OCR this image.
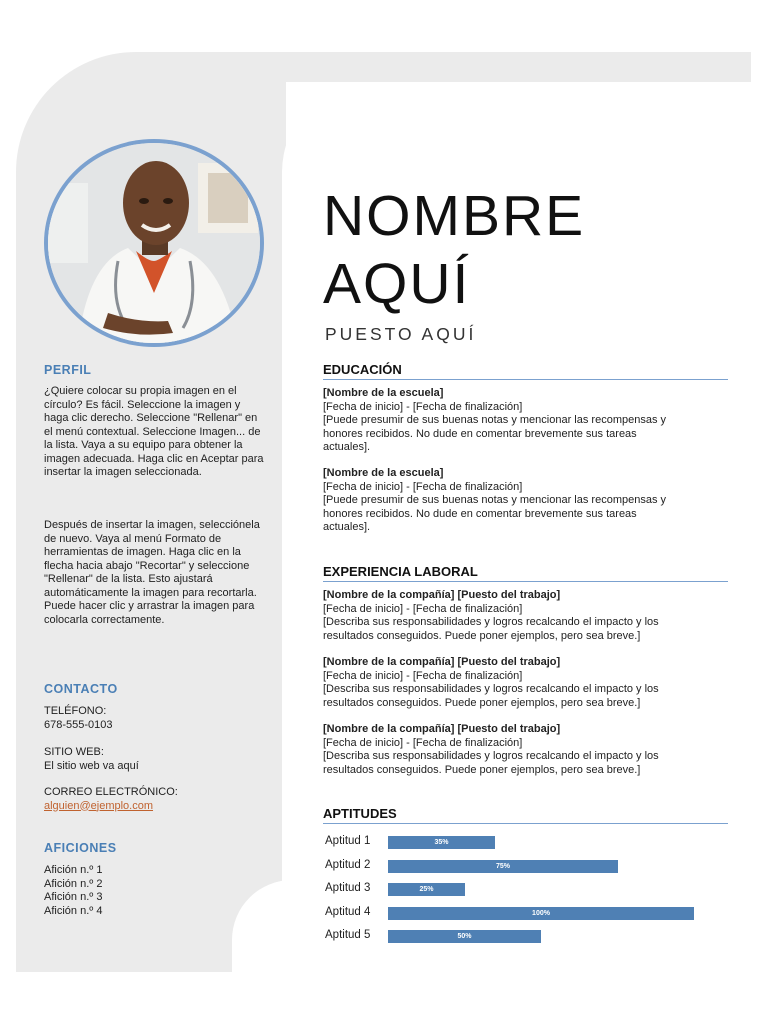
PERFIL

¿Quiere colocar su propia imagen en el círculo? Es fácil. Seleccione la imagen y haga clic derecho. Seleccione "Rellenar" en el menú contextual. Seleccione Imagen... de la lista. Vaya a su equipo para obtener la imagen adecuada. Haga clic en Aceptar para insertar la imagen seleccionada.

Después de insertar la imagen, selecciónela de nuevo. Vaya al menú Formato de herramientas de imagen. Haga clic en la flecha hacia abajo "Recortar" y seleccione "Rellenar" de la lista. Esto ajustará automáticamente la imagen para recortarla. Puede hacer clic y arrastrar la imagen para colocarla correctamente.

CONTACTO
TELÉFONO:
678-555-0103
SITIO WEB:
El sitio web va aquí
CORREO ELECTRÓNICO:
alguien@ejemplo.com
AFICIONES
Afición n.º 1
Afición n.º 2
Afición n.º 3
Afición n.º 4
NOMBRE
AQUÍ
PUESTO AQUÍ
EDUCACIÓN
[Nombre de la escuela]
[Fecha de inicio] - [Fecha de finalización]
[Puede presumir de sus buenas notas y mencionar las recompensas y
honores recibidos. No dude en comentar brevemente sus tareas
actuales].
[Nombre de la escuela]
[Fecha de inicio] - [Fecha de finalización]
[Puede presumir de sus buenas notas y mencionar las recompensas y
honores recibidos. No dude en comentar brevemente sus tareas
actuales].
EXPERIENCIA LABORAL
[Nombre de la compañía] [Puesto del trabajo]
[Fecha de inicio] - [Fecha de finalización]
[Describa sus responsabilidades y logros recalcando el impacto y los
resultados conseguidos. Puede poner ejemplos, pero sea breve.]
[Nombre de la compañía] [Puesto del trabajo]
[Fecha de inicio] - [Fecha de finalización]
[Describa sus responsabilidades y logros recalcando el impacto y los
resultados conseguidos. Puede poner ejemplos, pero sea breve.]
[Nombre de la compañía] [Puesto del trabajo]
[Fecha de inicio] - [Fecha de finalización]
[Describa sus responsabilidades y logros recalcando el impacto y los
resultados conseguidos. Puede poner ejemplos, pero sea breve.]
APTITUDES
Aptitud 1	35%
Aptitud 2	75%
Aptitud 3	25%
Aptitud 4	100%
Aptitud 5	50%
